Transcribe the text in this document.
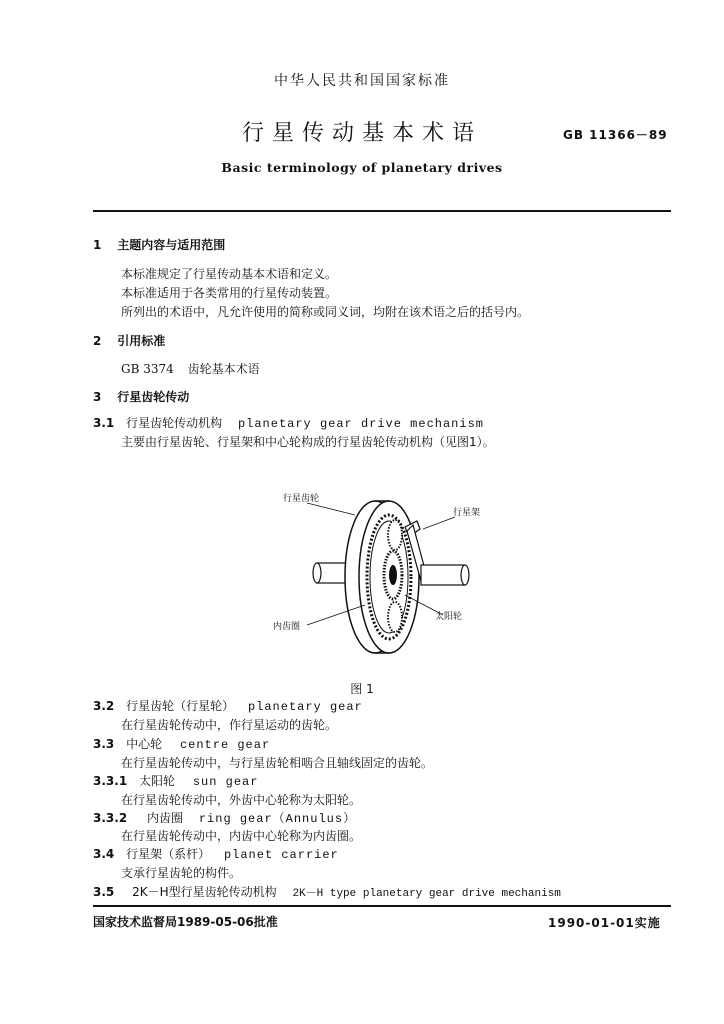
中华人民共和国国家标准
行星传动基本术语	GB 11366－89
Basic terminology of planetary drives
1 主题内容与适用范围
本标准规定了行星传动基本术语和定义。
本标准适用于各类常用的行星传动装置。
所列出的术语中，凡允许使用的简称或同义词，均附在该术语之后的括号内。
2 引用标准
GB 3374 齿轮基本术语
3 行星齿轮传动
3.1 行星齿轮传动机构 planetary gear drive mechanism
主要由行星齿轮、行星架和中心轮构成的行星齿轮传动机构（见图1）。
行星齿轮
行星架
太阳轮
内齿圈
图 1
3.2 行星齿轮（行星轮） planetary gear
在行星齿轮传动中，作行星运动的齿轮。
3.3 中心轮 centre gear
在行星齿轮传动中，与行星齿轮相啮合且轴线固定的齿轮。
3.3.1 太阳轮 sun gear
在行星齿轮传动中，外齿中心轮称为太阳轮。
3.3.2 内齿圈 ring gear（Annulus）
在行星齿轮传动中，内齿中心轮称为内齿圈。
3.4 行星架（系杆） planet carrier
支承行星齿轮的构件。
3.5 2K－H型行星齿轮传动机构 2K－H type planetary gear drive mechanism
国家技术监督局1989-05-06批准	1990-01-01实施
